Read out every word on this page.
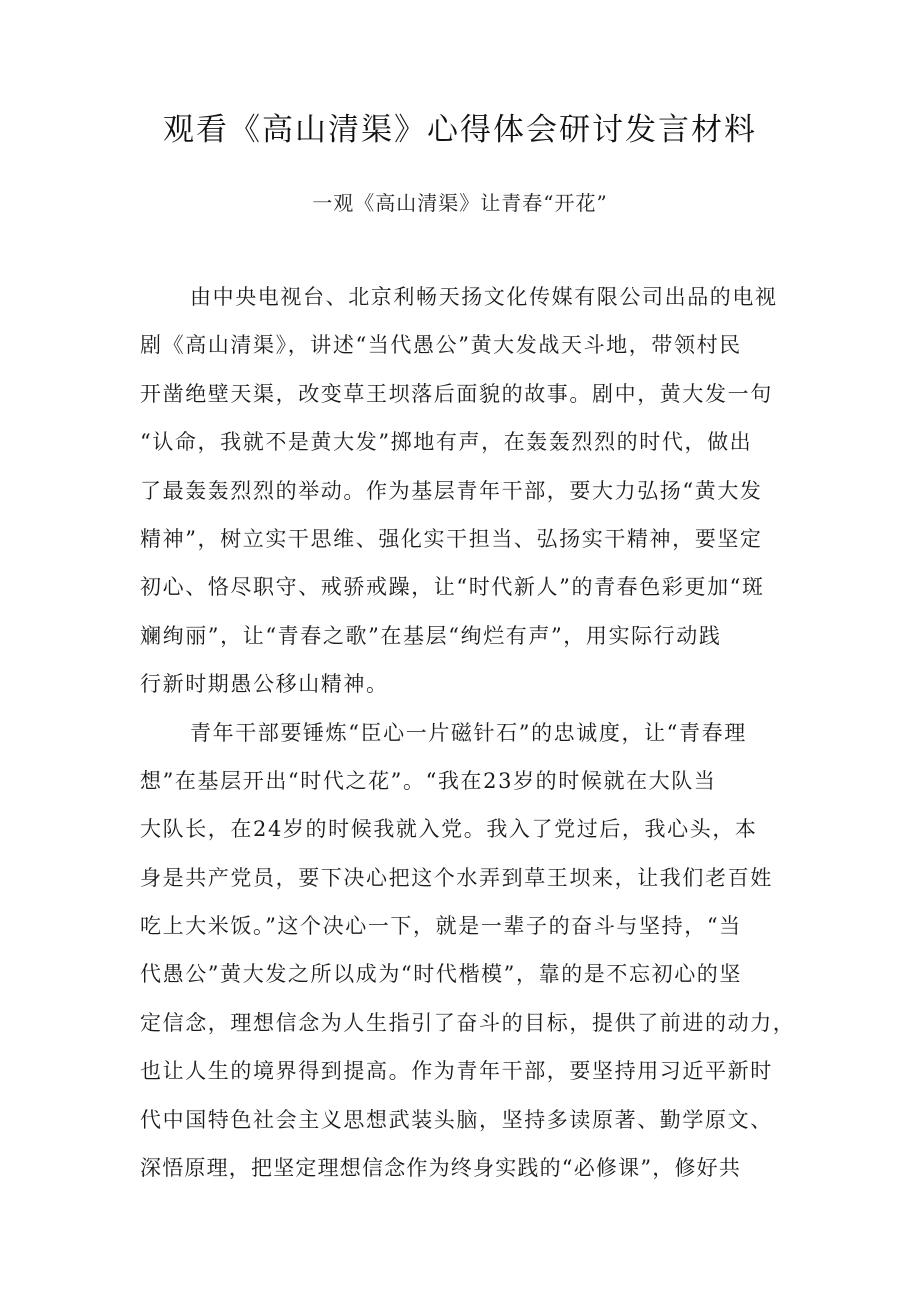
观看《高山清渠》心得体会研讨发言材料
一观《高山清渠》让青春“开花”
由中央电视台、北京利畅天扬文化传媒有限公司出品的电视
剧《高山清渠》，讲述“当代愚公”黄大发战天斗地，带领村民
开凿绝壁天渠，改变草王坝落后面貌的故事。剧中，黄大发一句
“认命，我就不是黄大发”掷地有声，在轰轰烈烈的时代，做出
了最轰轰烈烈的举动。作为基层青年干部，要大力弘扬“黄大发
精神”，树立实干思维、强化实干担当、弘扬实干精神，要坚定
初心、恪尽职守、戒骄戒躁，让“时代新人”的青春色彩更加“斑
斓绚丽”，让“青春之歌”在基层“绚烂有声”，用实际行动践
行新时期愚公移山精神。
青年干部要锤炼“臣心一片磁针石”的忠诚度，让“青春理
想”在基层开出“时代之花”。“我在23岁的时候就在大队当
大队长，在24岁的时候我就入党。我入了党过后，我心头，本
身是共产党员，要下决心把这个水弄到草王坝来，让我们老百姓
吃上大米饭。”这个决心一下，就是一辈子的奋斗与坚持，“当
代愚公”黄大发之所以成为“时代楷模”，靠的是不忘初心的坚
定信念，理想信念为人生指引了奋斗的目标，提供了前进的动力，
也让人生的境界得到提高。作为青年干部，要坚持用习近平新时
代中国特色社会主义思想武装头脑，坚持多读原著、勤学原文、
深悟原理，把坚定理想信念作为终身实践的“必修课”，修好共
